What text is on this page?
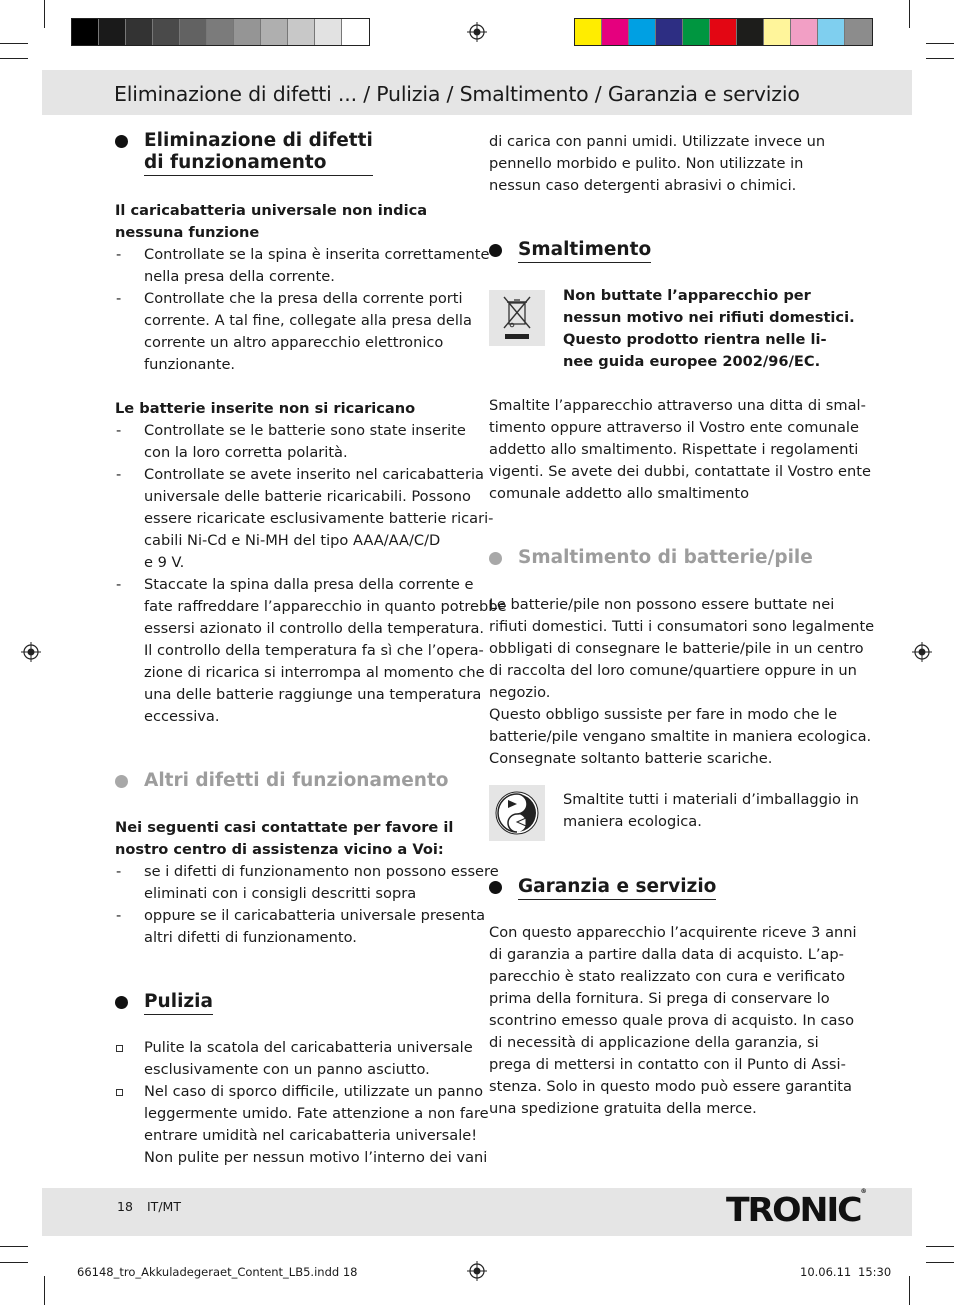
Eliminazione di difetti ... / Pulizia / Smaltimento / Garanzia e servizio
Eliminazione di difetti
di funzionamento
Il caricabatteria universale non indica
nessuna funzione
- Controllate se la spina è inserita correttamente
nella presa della corrente.
- Controllate che la presa della corrente porti
corrente. A tal fine, collegate alla presa della
corrente un altro apparecchio elettronico
funzionante.
Le batterie inserite non si ricaricano
- Controllate se le batterie sono state inserite
con la loro corretta polarità.
- Controllate se avete inserito nel caricabatteria
universale delle batterie ricaricabili. Possono
essere ricaricate esclusivamente batterie ricari-
cabili Ni-Cd e Ni-MH del tipo AAA/AA/C/D
e 9 V.
- Staccate la spina dalla presa della corrente e
fate raffreddare l’apparecchio in quanto potrebbe
essersi azionato il controllo della temperatura.
Il controllo della temperatura fa sì che l’opera-
zione di ricarica si interrompa al momento che
una delle batterie raggiunge una temperatura
eccessiva.
Altri difetti di funzionamento
Nei seguenti casi contattate per favore il
nostro centro di assistenza vicino a Voi:
- se i difetti di funzionamento non possono essere
eliminati con i consigli descritti sopra
- oppure se il caricabatteria universale presenta
altri difetti di funzionamento.
Pulizia
Pulite la scatola del caricabatteria universale
esclusivamente con un panno asciutto.
Nel caso di sporco difficile, utilizzate un panno
leggermente umido. Fate attenzione a non fare
entrare umidità nel caricabatteria universale!
Non pulite per nessun motivo l’interno dei vani
di carica con panni umidi. Utilizzate invece un
pennello morbido e pulito. Non utilizzate in
nessun caso detergenti abrasivi o chimici.
Smaltimento
Non buttate l’apparecchio per
nessun motivo nei rifiuti domestici.
Questo prodotto rientra nelle li-
nee guida europee 2002/96/EC.
Smaltite l’apparecchio attraverso una ditta di smal-
timento oppure attraverso il Vostro ente comunale
addetto allo smaltimento. Rispettate i regolamenti
vigenti. Se avete dei dubbi, contattate il Vostro ente
comunale addetto allo smaltimento
Smaltimento di batterie/pile
Le batterie/pile non possono essere buttate nei
rifiuti domestici. Tutti i consumatori sono legalmente
obbligati di consegnare le batterie/pile in un centro
di raccolta del loro comune/quartiere oppure in un
negozio.
Questo obbligo sussiste per fare in modo che le
batterie/pile vengano smaltite in maniera ecologica.
Consegnate soltanto batterie scariche.
Smaltite tutti i materiali d’imballaggio in
maniera ecologica.
Garanzia e servizio
Con questo apparecchio l’acquirente riceve 3 anni
di garanzia a partire dalla data di acquisto. L’ap-
parecchio è stato realizzato con cura e verificato
prima della fornitura. Si prega di conservare lo
scontrino emesso quale prova di acquisto. In caso
di necessità di applicazione della garanzia, si
prega di mettersi in contatto con il Punto di Assi-
stenza. Solo in questo modo può essere garantita
una spedizione gratuita della merce.
18 IT/MT	TRONIC®
66148_tro_Akkuladegeraet_Content_LB5.indd 18	10.06.11 15:30
